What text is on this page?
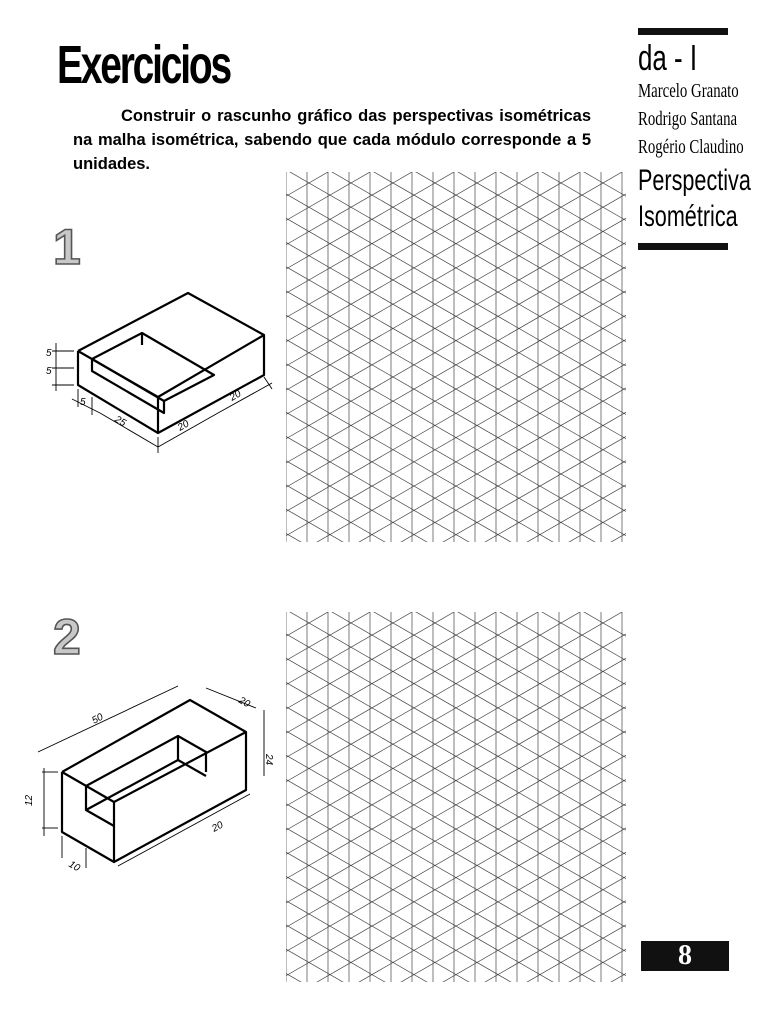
Exercicios

Construir o rascunho gráfico das perspectivas isométricas na malha isométrica, sabendo que cada módulo corresponde a 5 unidades.

da - I
Marcelo Granato
Rodrigo Santana
Rogério Claudino
Perspectiva
Isométrica
1
5
5
5
25	20
20
2
50
20
24
12
20
10
8
